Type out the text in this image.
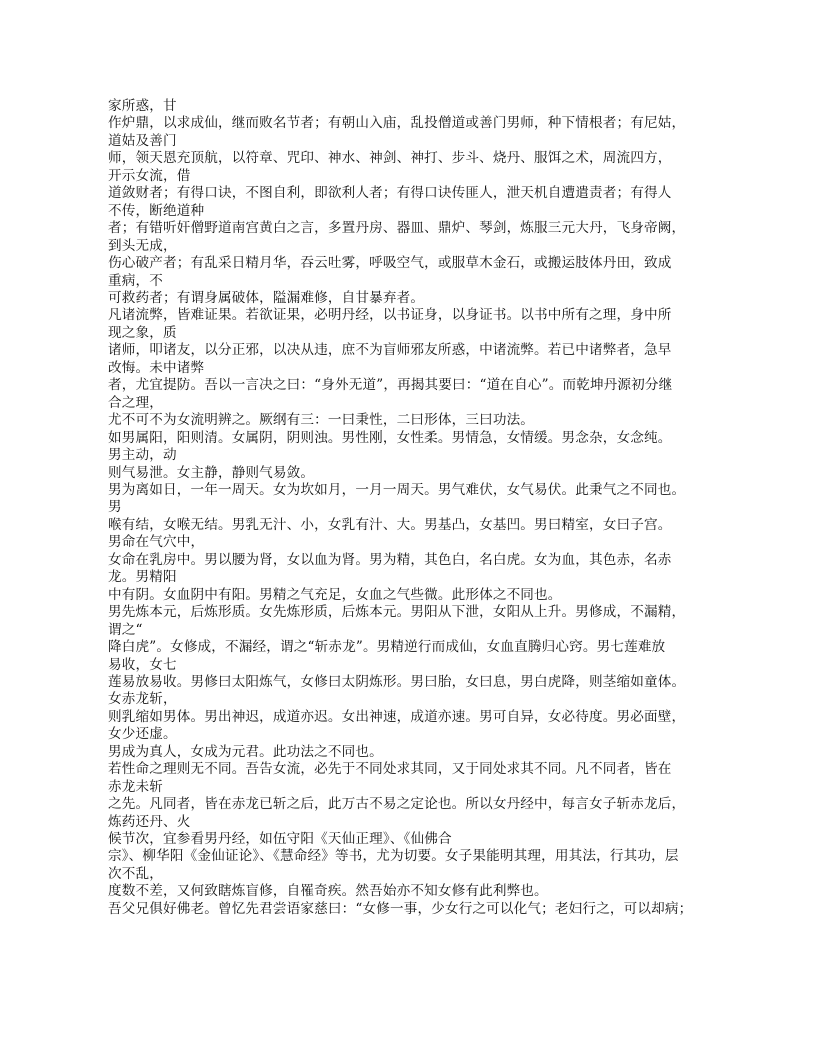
家所惑，甘
作炉鼎，以求成仙，继而败名节者；有朝山入庙，乱投僧道或善门男师，种下情根者；有尼姑，
道姑及善门
师，领天恩充顶航，以符章、咒印、神水、神剑、神打、步斗、烧丹、服饵之术，周流四方，
开示女流，借
道敛财者；有得口诀，不图自利，即欲利人者；有得口诀传匪人，泄天机自遭遣责者；有得人
不传，断绝道种
者；有错听奸僧野道南宫黄白之言，多置丹房、器皿、鼎炉、琴剑，炼服三元大丹，飞身帝阙，
到头无成，
伤心破产者；有乱采日精月华，吞云吐雾，呼吸空气，或服草木金石，或搬运肢体丹田，致成
重病，不
可救药者；有谓身属破体，隘漏难修，自甘暴弃者。
凡诸流弊，皆难证果。若欲证果，必明丹经，以书证身，以身证书。以书中所有之理，身中所
现之象，质
诸师，叩诸友，以分正邪，以决从违，庶不为盲师邪友所惑，中诸流弊。若已中诸弊者，急早
改悔。未中诸弊
者，尤宜提防。吾以一言决之曰：“身外无道”，再揭其要曰：“道在自心”。而乾坤丹源初分继
合之理，
尤不可不为女流明辨之。厥纲有三：一曰秉性，二曰形体，三曰功法。
如男属阳，阳则清。女属阴，阴则浊。男性刚，女性柔。男情急，女情缓。男念杂，女念纯。
男主动，动
则气易泄。女主静，静则气易敛。
男为离如日，一年一周天。女为坎如月，一月一周天。男气难伏，女气易伏。此秉气之不同也。
男
喉有结，女喉无结。男乳无汁、小，女乳有汁、大。男基凸，女基凹。男曰精室，女曰子宫。
男命在气穴中，
女命在乳房中。男以腰为肾，女以血为肾。男为精，其色白，名白虎。女为血，其色赤，名赤
龙。男精阳
中有阴。女血阴中有阳。男精之气充足，女血之气些微。此形体之不同也。
男先炼本元，后炼形质。女先炼形质，后炼本元。男阳从下泄，女阳从上升。男修成，不漏精，
谓之“
降白虎”。女修成，不漏经，谓之“斩赤龙”。男精逆行而成仙，女血直腾归心窍。男七莲难放
易收，女七
莲易放易收。男修曰太阳炼气，女修曰太阴炼形。男曰胎，女曰息，男白虎降，则茎缩如童体。
女赤龙斩，
则乳缩如男体。男出神迟，成道亦迟。女出神速，成道亦速。男可自异，女必待度。男必面壁，
女少还虚。
男成为真人，女成为元君。此功法之不同也。
若性命之理则无不同。吾告女流，必先于不同处求其同，又于同处求其不同。凡不同者，皆在
赤龙未斩
之先。凡同者，皆在赤龙已斩之后，此万古不易之定论也。所以女丹经中，每言女子斩赤龙后，
炼药还丹、火
候节次，宜参看男丹经，如伍守阳《天仙正理》、《仙佛合
宗》、柳华阳《金仙证论》、《慧命经》等书，尤为切要。女子果能明其理，用其法，行其功，层
次不乱，
度数不差，又何致瞎炼盲修，自罹奇疾。然吾始亦不知女修有此利弊也。
吾父兄俱好佛老。曾忆先君尝语家慈曰：“女修一事，少女行之可以化气；老妇行之，可以却病；
